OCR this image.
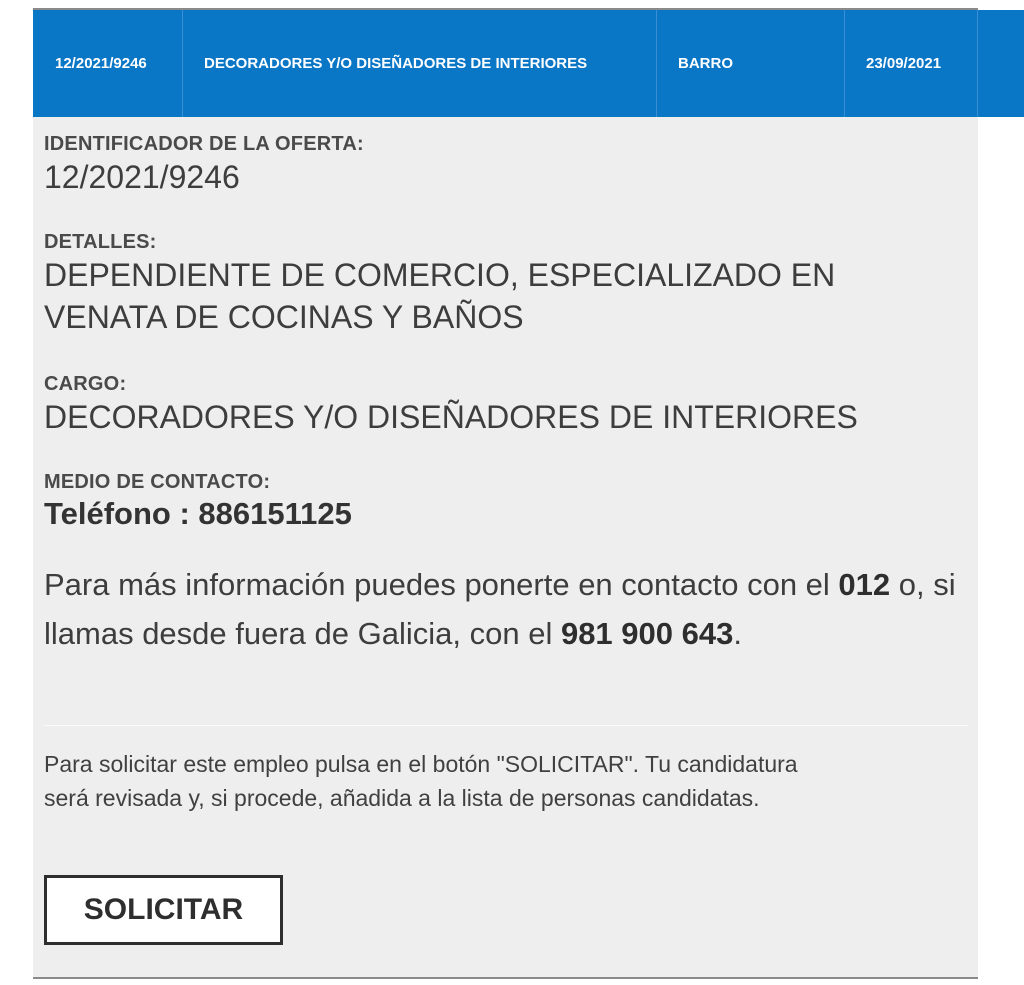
12/2021/9246	DECORADORES Y/O DISEÑADORES DE INTERIORES	BARRO	23/09/2021

IDENTIFICADOR DE LA OFERTA:

12/2021/9246

DETALLES:

DEPENDIENTE DE COMERCIO, ESPECIALIZADO EN VENATA DE COCINAS Y BAÑOS

CARGO:

DECORADORES Y/O DISEÑADORES DE INTERIORES

MEDIO DE CONTACTO:

Teléfono : 886151125

Para más información puedes ponerte en contacto con el 012 o, si llamas desde fuera de Galicia, con el 981 900 643.

Para solicitar este empleo pulsa en el botón "SOLICITAR". Tu candidatura será revisada y, si procede, añadida a la lista de personas candidatas.

SOLICITAR
